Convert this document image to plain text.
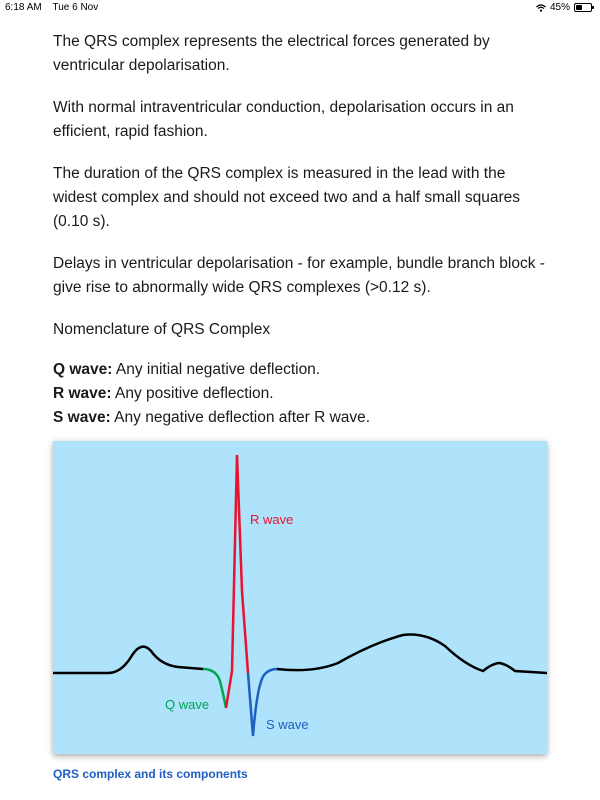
6:18 AM Tue 6 Nov	45%

The QRS complex represents the electrical forces generated by ventricular depolarisation.

With normal intraventricular conduction, depolarisation occurs in an efficient, rapid fashion.

The duration of the QRS complex is measured in the lead with the widest complex and should not exceed two and a half small squares (0.10 s).

Delays in ventricular depolarisation - for example, bundle branch block - give rise to abnormally wide QRS complexes (>0.12 s).

Nomenclature of QRS Complex

Q wave: Any initial negative deflection.
R wave: Any positive deflection.
S wave: Any negative deflection after R wave.
R wave
Q wave
S wave
QRS complex and its components
